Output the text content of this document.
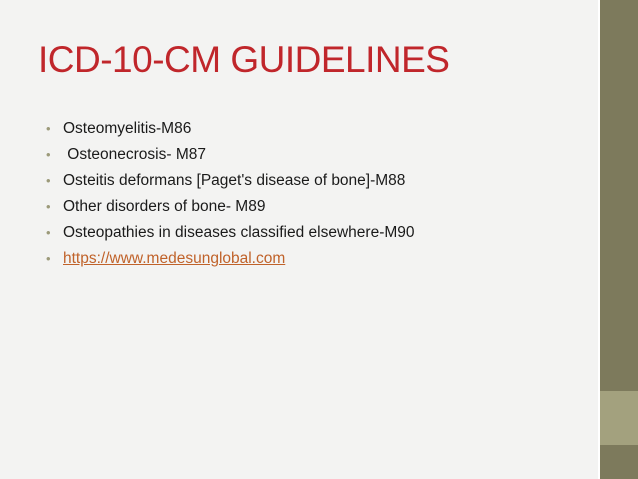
ICD-10-CM GUIDELINES
• Osteomyelitis-M86
• Osteonecrosis- M87
• Osteitis deformans [Paget's disease of bone]-M88
• Other disorders of bone- M89
• Osteopathies in diseases classified elsewhere-M90
• https://www.medesunglobal.com
